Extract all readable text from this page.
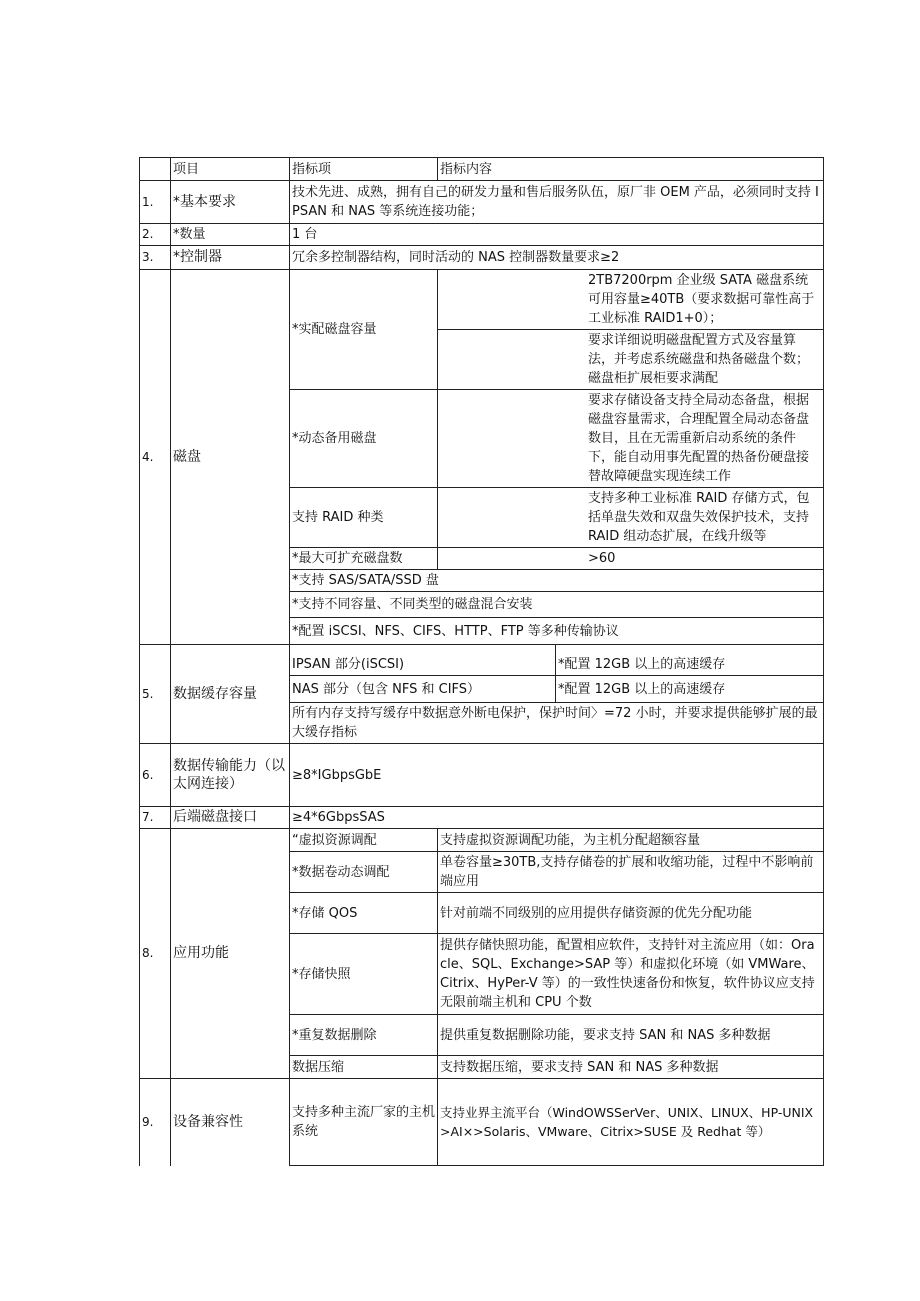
	项目	指标项	指标内容	
1.	*基本要求	技术先进、成熟，拥有自己的研发力量和售后服务队伍，原厂非 OEM 产品，必须同时支持 IPSAN 和 NAS 等系统连接功能；		
2.	*数量	1 台		
3.	*控制器	冗余多控制器结构，同时活动的 NAS 控制器数量要求≥2		
4.	磁盘	*实配磁盘容量	2TB7200rpm 企业级 SATA 磁盘系统可用容量≥40TB（要求数据可靠性高于工业标准 RAID1+0）；	
			要求详细说明磁盘配置方式及容量算法，并考虑系统磁盘和热备磁盘个数；磁盘柜扩展柜要求满配	
		*动态备用磁盘	要求存储设备支持全局动态备盘，根据磁盘容量需求，合理配置全局动态备盘数目，且在无需重新启动系统的条件下，能自动用事先配置的热备份硬盘接替故障硬盘实现连续工作	
		支持 RAID 种类	支持多种工业标准 RAID 存储方式，包括单盘失效和双盘失效保护技术，支持 RAID 组动态扩展，在线升级等	
		*最大可扩充磁盘数	>60	
		*支持 SAS/SATA/SSD 盘		
		*支持不同容量、不同类型的磁盘混合安装		
		*配置 iSCSI、NFS、CIFS、HTTP、FTP 等多种传输协议		
5.	数据缓存容量	IPSAN 部分(iSCSI)		*配置 12GB 以上的高速缓存
		NAS 部分（包含 NFS 和 CIFS）		*配置 12GB 以上的高速缓存
		所有内存支持写缓存中数据意外断电保护，保护时间〉=72 小时，并要求提供能够扩展的最大缓存指标		
6.	数据传输能力（以太网连接）	≥8*IGbpsGbE		
7.	后端磁盘接口	≥4*6GbpsSAS		
8.	应用功能	“虚拟资源调配	支持虚拟资源调配功能，为主机分配超额容量	
		*数据卷动态调配	单卷容量≥30TB,支持存储卷的扩展和收缩功能，过程中不影响前端应用	
		*存储 QOS	针对前端不同级别的应用提供存储资源的优先分配功能	
		*存储快照	提供存储快照功能，配置相应软件，支持针对主流应用（如：Oracle、SQL、Exchange>SAP 等）和虚拟化环境（如 VMWare、Citrix、HyPer-V 等）的一致性快速备份和恢复，软件协议应支持无限前端主机和 CPU 个数	
		*重复数据删除	提供重复数据删除功能，要求支持 SAN 和 NAS 多种数据	
		数据压缩	支持数据压缩，要求支持 SAN 和 NAS 多种数据	
9.	设备兼容性	支持多种主流厂家的主机系统	支持业界主流平台（WindOWSSerVer、UNIX、LINUX、HP-UNIX>AI×>Solaris、VMware、Citrix>SUSE 及 Redhat 等）	
